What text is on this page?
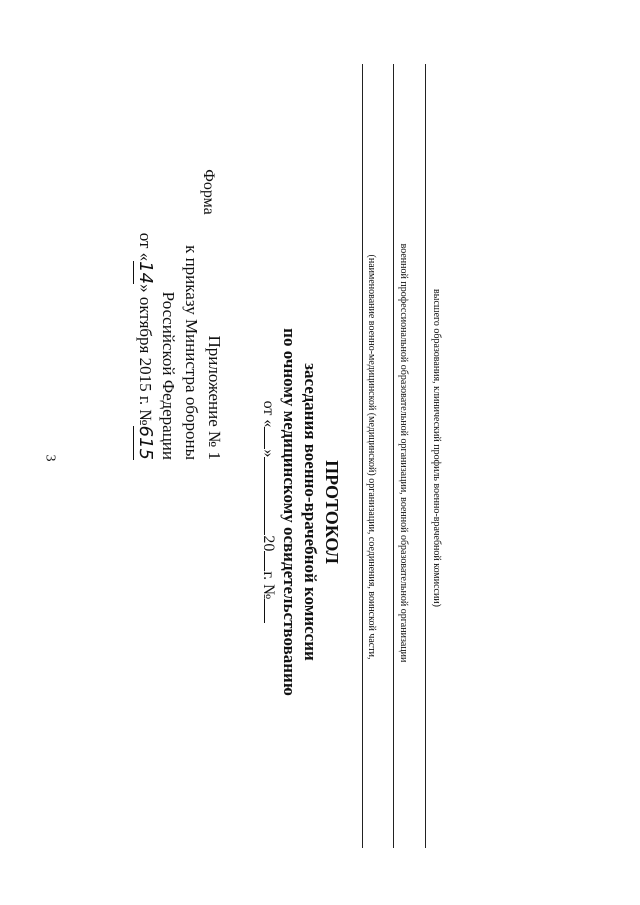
3	Приложение № 1
к приказу Министра обороны
Российской Федерации
от «14» октября 2015 г. №615
Форма
ПРОТОКОЛ
заседания военно-врачебной комиссии
по очному медицинскому освидетельствованию
от «»20г. №	(наименование военно-медицинской (медицинской) организации, соединения, воинской части,	военной профессиональной образовательной организации, военной образовательной организации	высшего образования, клинический профиль военно-врачебной комиссии)
